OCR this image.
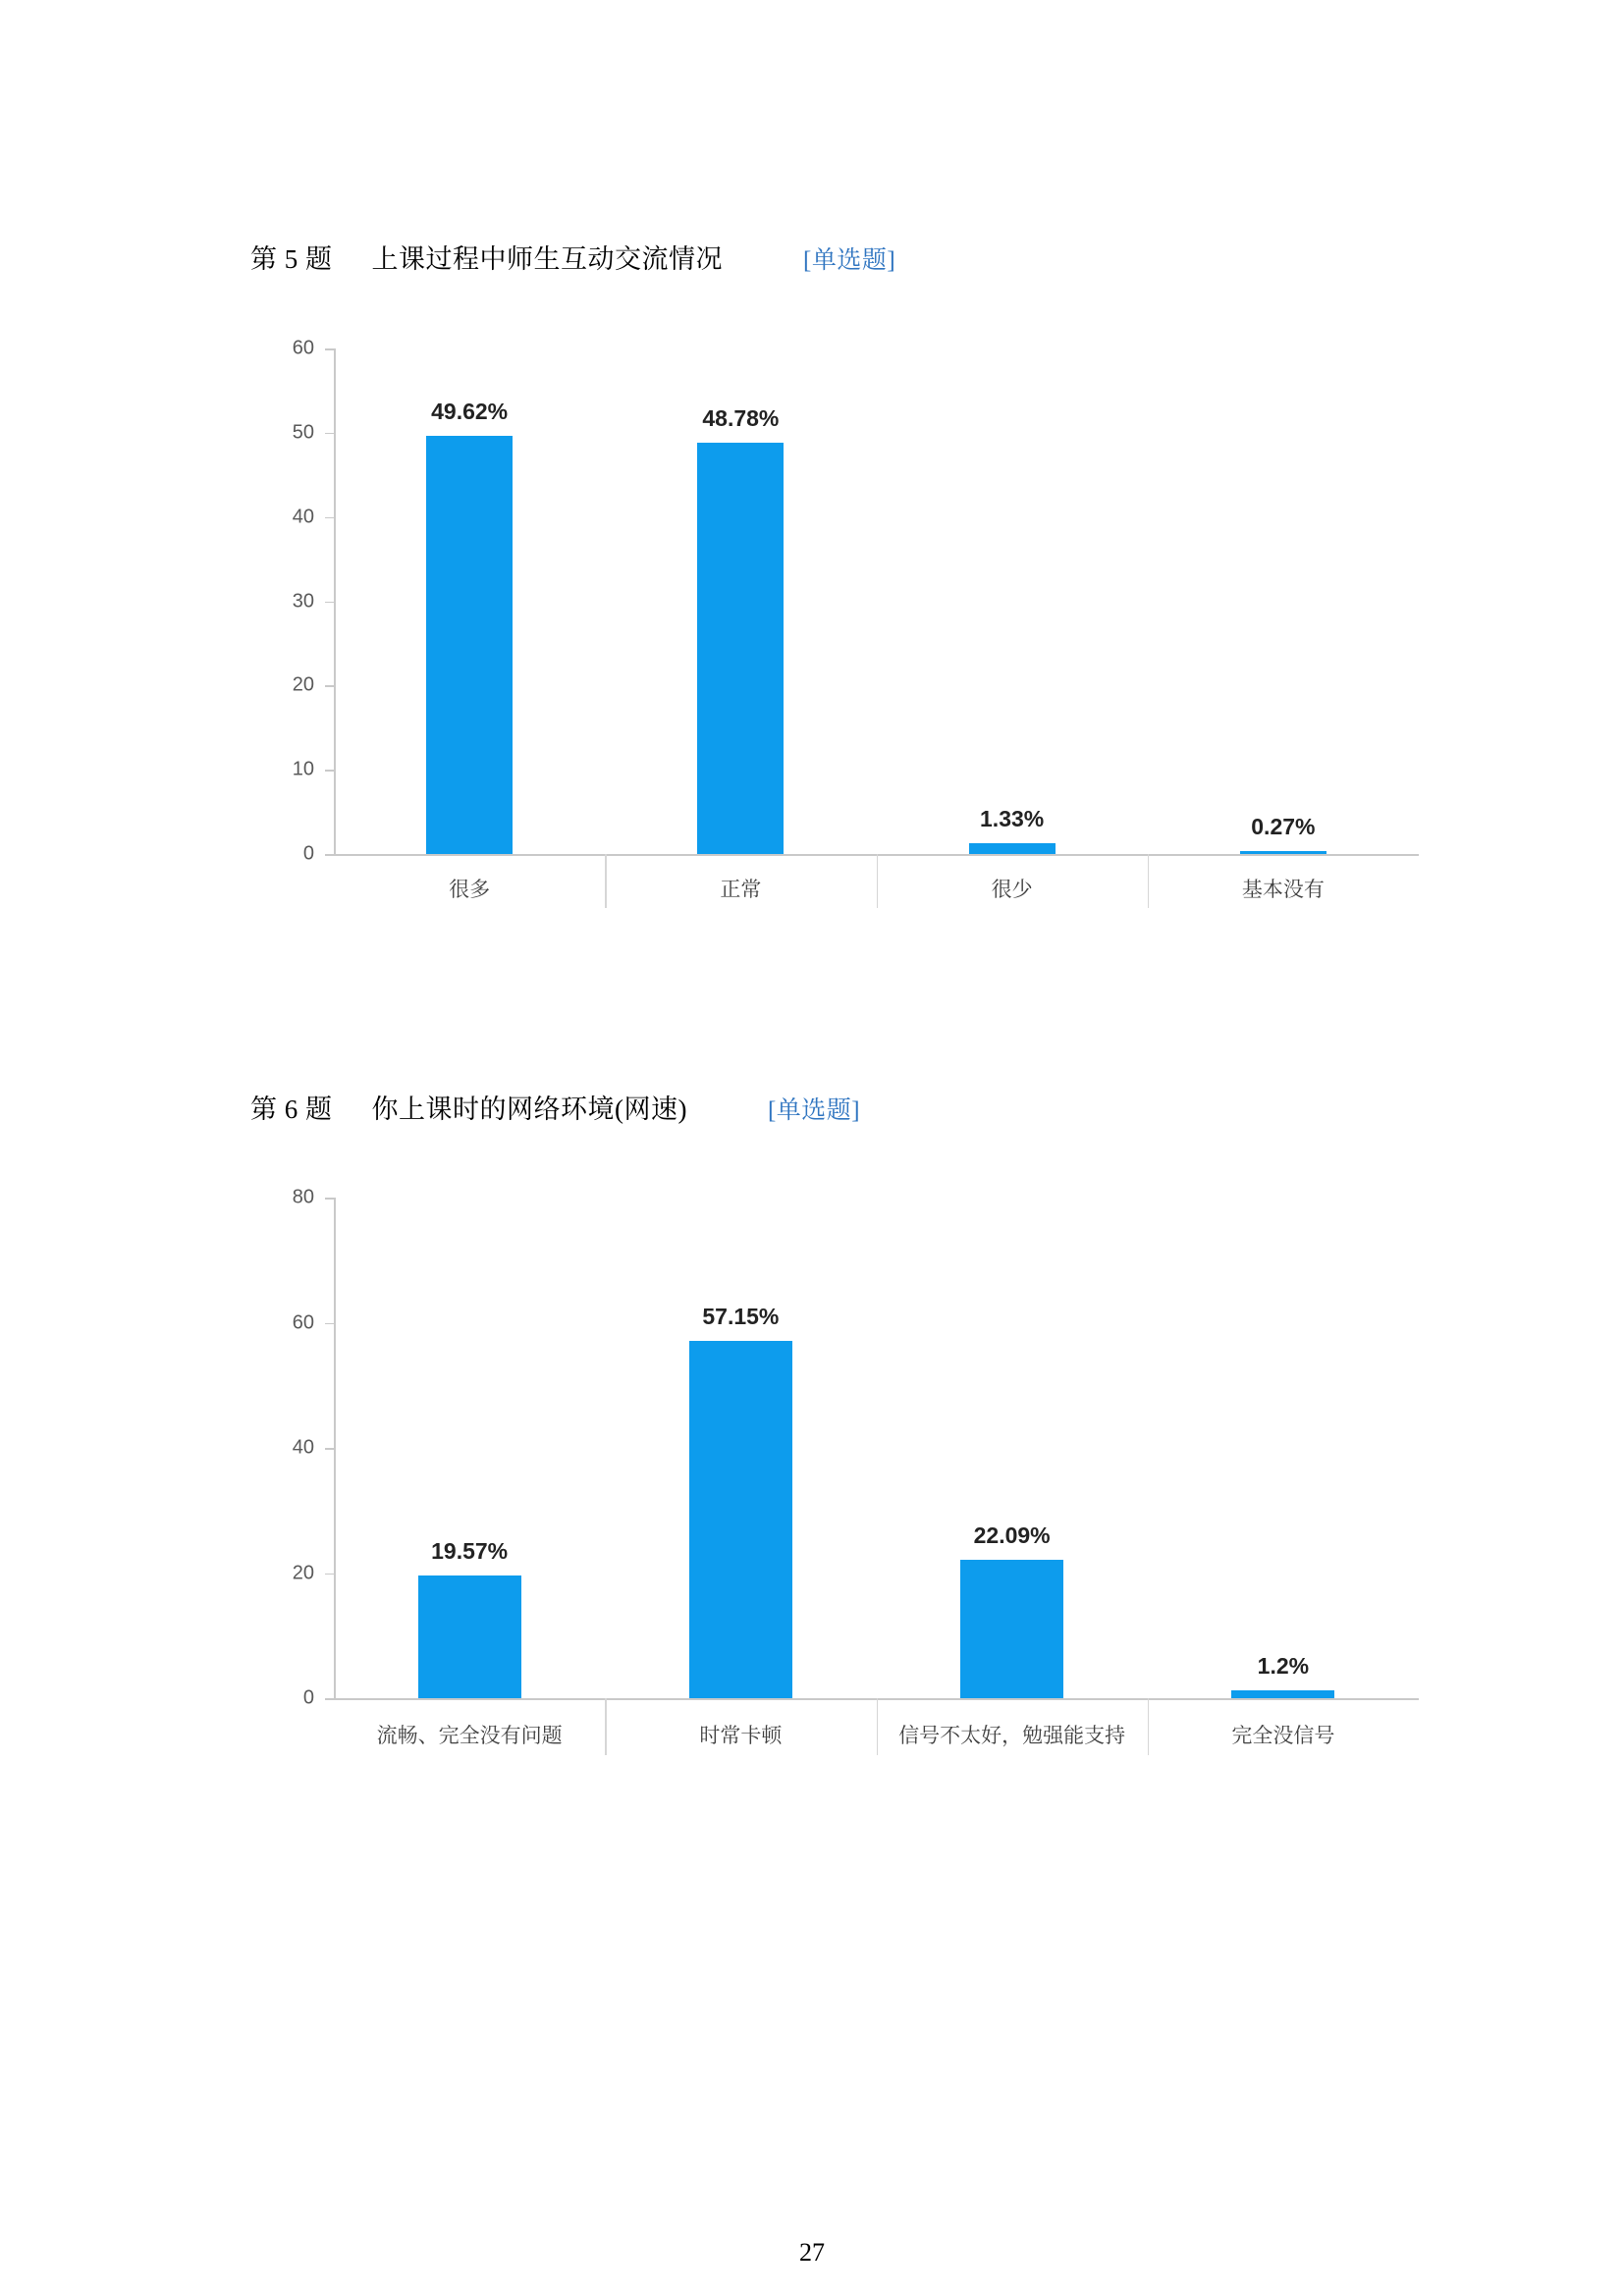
第 5 题 上课过程中师生互动交流情况	[单选题]
0
10
20
30
40
50
60
49.62%
很多
48.78%
正常
1.33%
很少
0.27%
基本没有
第 6 题 你上课时的网络环境(网速)	[单选题]
0
20
40
60
80
19.57%
流畅、完全没有问题
57.15%
时常卡顿
22.09%
信号不太好，勉强能支持
1.2%
完全没信号
27
